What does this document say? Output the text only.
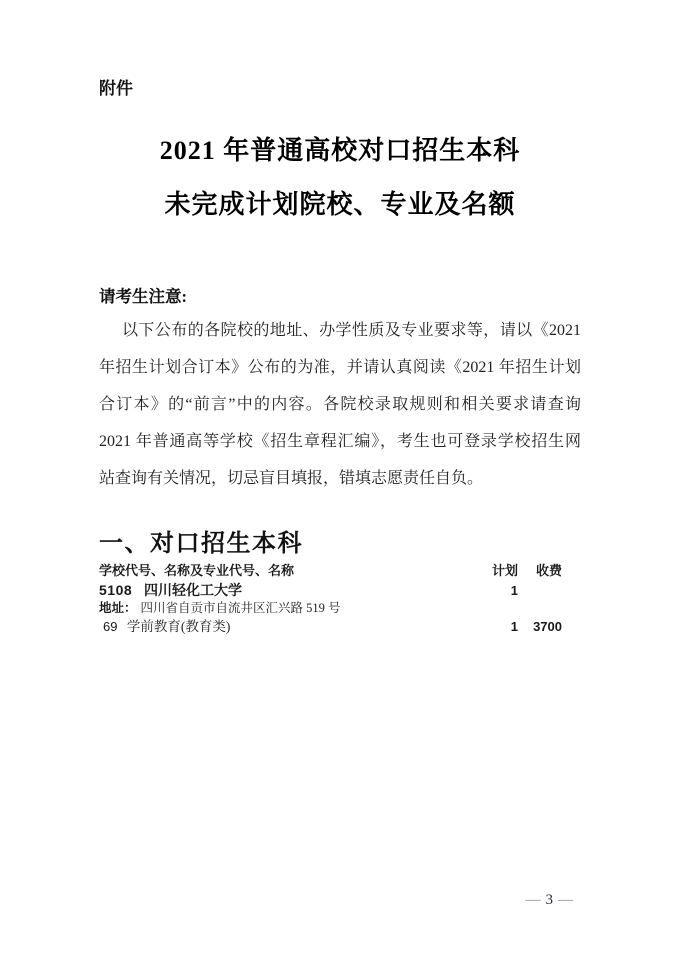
附件
2021 年普通高校对口招生本科
未完成计划院校、专业及名额
请考生注意:
以下公布的各院校的地址、办学性质及专业要求等，请以《2021
年招生计划合订本》公布的为准，并请认真阅读《2021 年招生计划
合订本》的“前言”中的内容。各院校录取规则和相关要求请查询
2021 年普通高等学校《招生章程汇编》，考生也可登录学校招生网
站查询有关情况，切忌盲目填报，错填志愿责任自负。
一、对口招生本科
学校代号、名称及专业代号、名称	计划	收费
5108 四川轻化工大学	1
地址： 四川省自贡市自流井区汇兴路 519 号
69 学前教育(教育类)	1	3700
— 3 —
